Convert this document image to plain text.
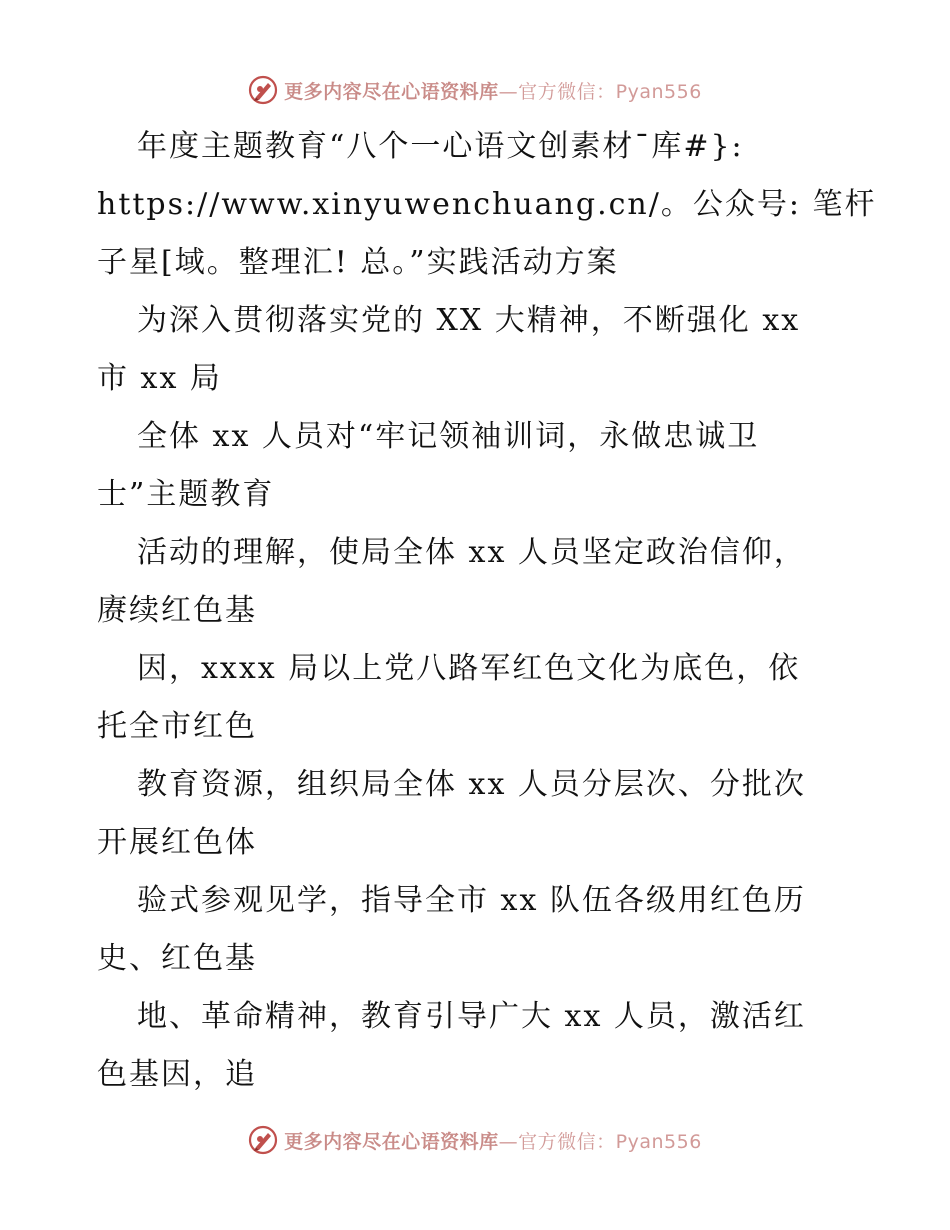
更多内容尽在心语资料库—官方微信：Pyan556
年度主题教育“八个一心语文创素材¯库#}:
https://www.xinyuwenchuang.cn/。公众号: 笔杆
子星[域。整理汇! 总。”实践活动方案
为深入贯彻落实党的 XX 大精神，不断强化 xx
市 xx 局
全体 xx 人员对“牢记领袖训词，永做忠诚卫
士”主题教育
活动的理解，使局全体 xx 人员坚定政治信仰，
赓续红色基
因，xxxx 局以上党八路军红色文化为底色，依
托全市红色
教育资源，组织局全体 xx 人员分层次、分批次
开展红色体
验式参观见学，指导全市 xx 队伍各级用红色历
史、红色基
地、革命精神，教育引导广大 xx 人员，激活红
色基因，追
更多内容尽在心语资料库—官方微信：Pyan556
